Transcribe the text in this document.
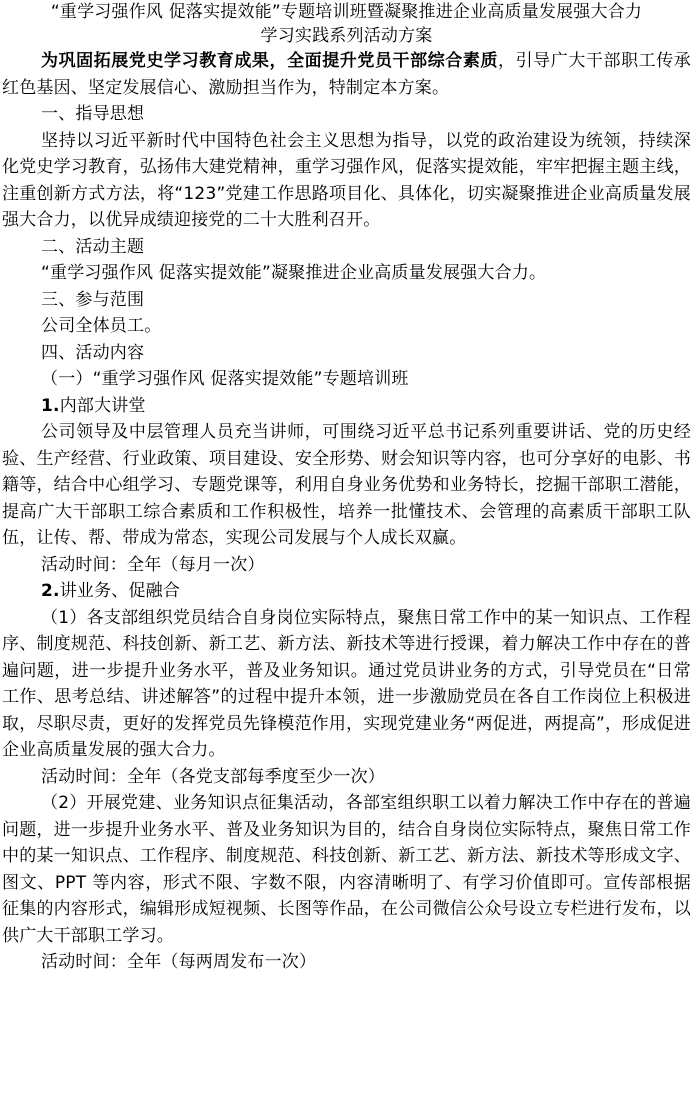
“重学习强作风 促落实提效能”专题培训班暨凝聚推进企业高质量发展强大合力
学习实践系列活动方案

为巩固拓展党史学习教育成果，全面提升党员干部综合素质，引导广大干部职工传承红色基因、坚定发展信心、激励担当作为，特制定本方案。

一、指导思想

坚持以习近平新时代中国特色社会主义思想为指导，以党的政治建设为统领，持续深化党史学习教育，弘扬伟大建党精神，重学习强作风，促落实提效能，牢牢把握主题主线，注重创新方式方法，将“123”党建工作思路项目化、具体化，切实凝聚推进企业高质量发展强大合力，以优异成绩迎接党的二十大胜利召开。

二、活动主题

“重学习强作风 促落实提效能”凝聚推进企业高质量发展强大合力。

三、参与范围

公司全体员工。

四、活动内容

（一）“重学习强作风 促落实提效能”专题培训班

1.内部大讲堂

公司领导及中层管理人员充当讲师，可围绕习近平总书记系列重要讲话、党的历史经验、生产经营、行业政策、项目建设、安全形势、财会知识等内容，也可分享好的电影、书籍等，结合中心组学习、专题党课等，利用自身业务优势和业务特长，挖掘干部职工潜能，提高广大干部职工综合素质和工作积极性，培养一批懂技术、会管理的高素质干部职工队伍，让传、帮、带成为常态，实现公司发展与个人成长双赢。

活动时间：全年（每月一次）

2.讲业务、促融合

（1）各支部组织党员结合自身岗位实际特点，聚焦日常工作中的某一知识点、工作程序、制度规范、科技创新、新工艺、新方法、新技术等进行授课，着力解决工作中存在的普遍问题，进一步提升业务水平，普及业务知识。通过党员讲业务的方式，引导党员在“日常工作、思考总结、讲述解答”的过程中提升本领，进一步激励党员在各自工作岗位上积极进取，尽职尽责，更好的发挥党员先锋模范作用，实现党建业务“两促进，两提高”，形成促进企业高质量发展的强大合力。

活动时间：全年（各党支部每季度至少一次）

（2）开展党建、业务知识点征集活动，各部室组织职工以着力解决工作中存在的普遍问题，进一步提升业务水平、普及业务知识为目的，结合自身岗位实际特点，聚焦日常工作中的某一知识点、工作程序、制度规范、科技创新、新工艺、新方法、新技术等形成文字、图文、PPT 等内容，形式不限、字数不限，内容清晰明了、有学习价值即可。宣传部根据征集的内容形式，编辑形成短视频、长图等作品，在公司微信公众号设立专栏进行发布，以供广大干部职工学习。

活动时间：全年（每两周发布一次）
